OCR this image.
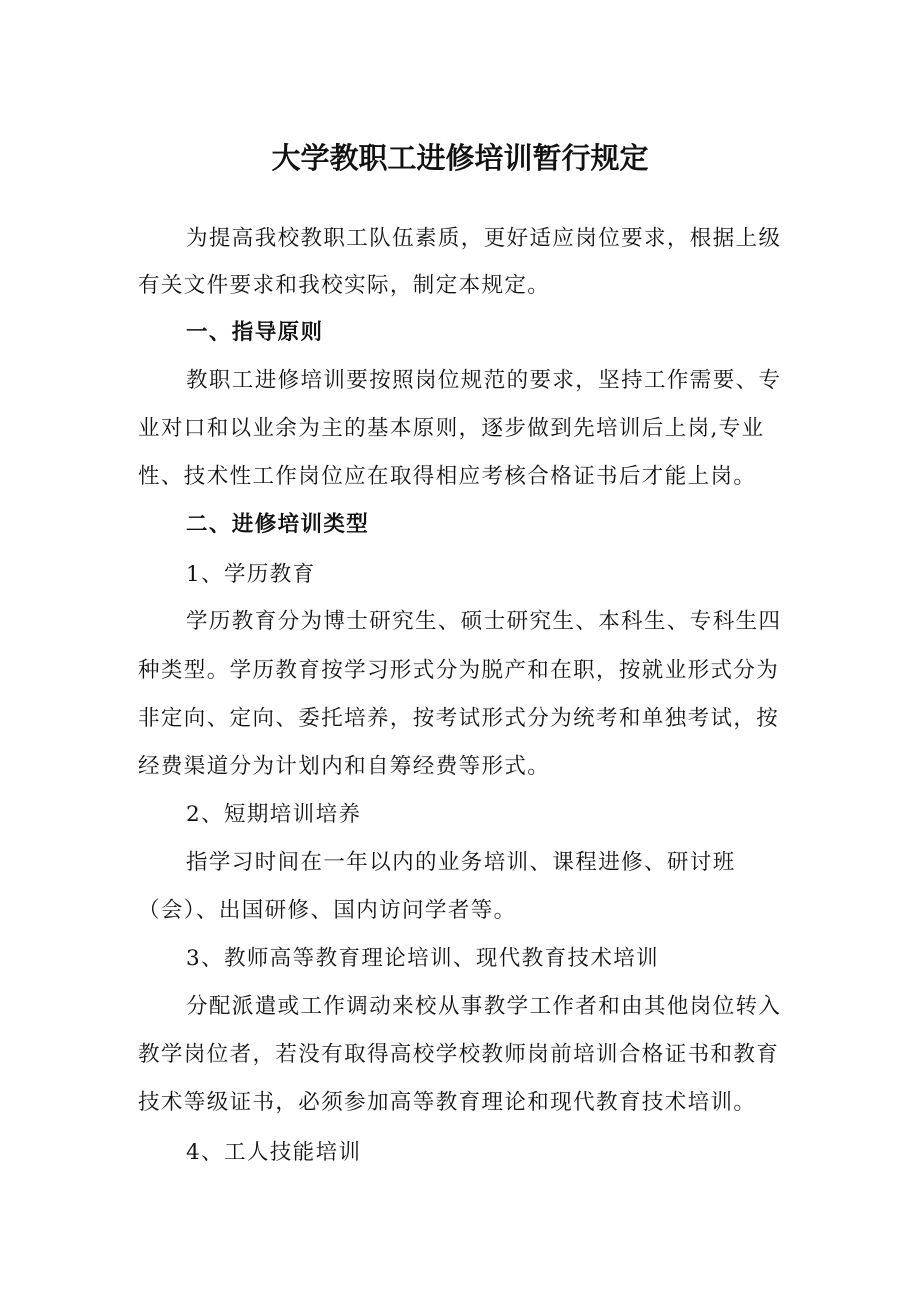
大学教职工进修培训暂行规定

为提高我校教职工队伍素质，更好适应岗位要求，根据上级

有关文件要求和我校实际，制定本规定。

一、指导原则

教职工进修培训要按照岗位规范的要求，坚持工作需要、专

业对口和以业余为主的基本原则，逐步做到先培训后上岗,专业

性、技术性工作岗位应在取得相应考核合格证书后才能上岗。

二、进修培训类型

1、学历教育

学历教育分为博士研究生、硕士研究生、本科生、专科生四

种类型。学历教育按学习形式分为脱产和在职，按就业形式分为

非定向、定向、委托培养，按考试形式分为统考和单独考试，按

经费渠道分为计划内和自筹经费等形式。

2、短期培训培养

指学习时间在一年以内的业务培训、课程进修、研讨班

（会）、出国研修、国内访问学者等。

3、教师高等教育理论培训、现代教育技术培训

分配派遣或工作调动来校从事教学工作者和由其他岗位转入

教学岗位者，若没有取得高校学校教师岗前培训合格证书和教育

技术等级证书，必须参加高等教育理论和现代教育技术培训。

4、工人技能培训
